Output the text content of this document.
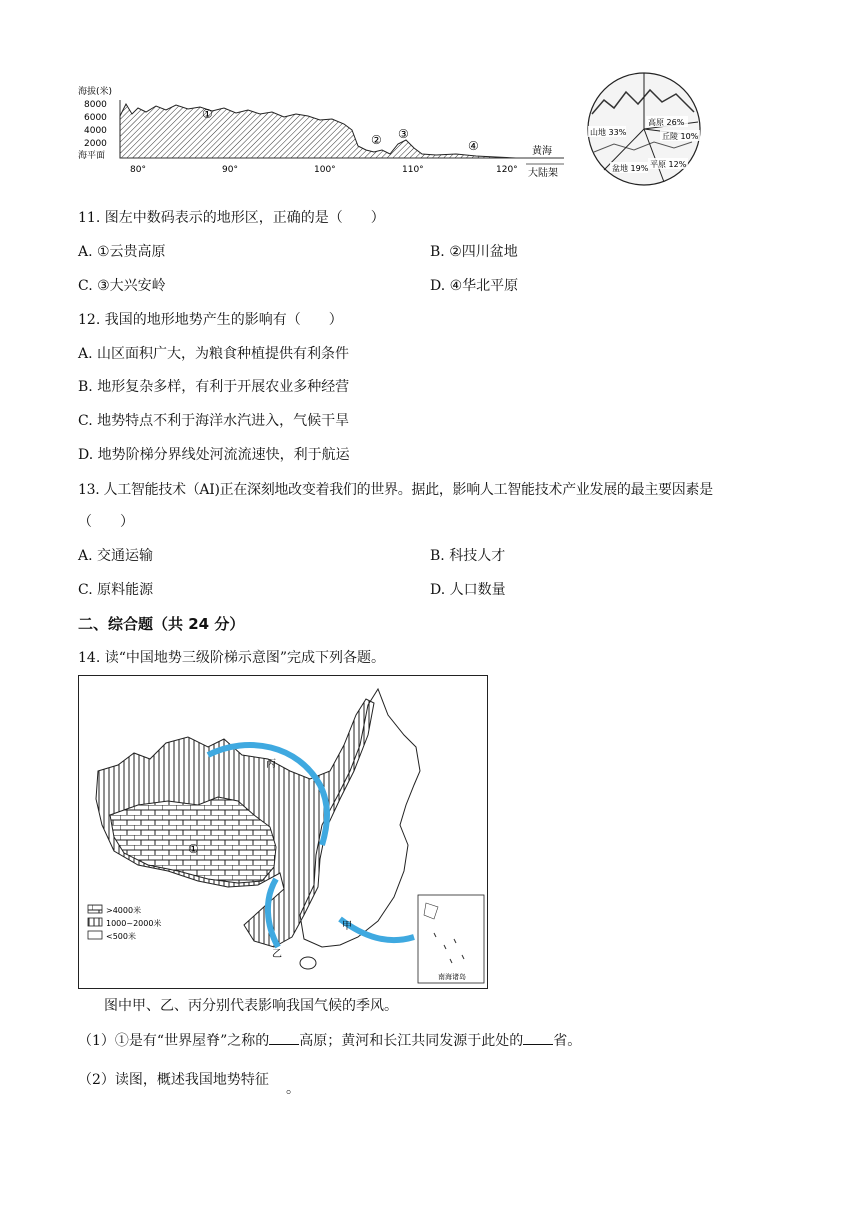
海拔(米)
8000
6000
4000
2000
海平面
①
② ③
④
80°	90°	100°	110°	120°
黄海
大陆架
山地 33%
高原 26%
丘陵 10%
平原 12%
盆地 19%
11. 图左中数码表示的地形区，正确的是（　　）
A. ①云贵高原	B. ②四川盆地
C. ③大兴安岭	D. ④华北平原
12. 我国的地形地势产生的影响有（　　）
A. 山区面积广大，为粮食种植提供有利条件
B. 地形复杂多样，有利于开展农业多种经营
C. 地势特点不利于海洋水汽进入，气候干旱
D. 地势阶梯分界线处河流流速快，利于航运
13. 人工智能技术（AI)正在深刻地改变着我们的世界。据此，影响人工智能技术产业发展的最主要因素是
（　　）
A. 交通运输	B. 科技人才
C. 原料能源	D. 人口数量
二、综合题（共 24 分）
14. 读“中国地势三级阶梯示意图”完成下列各题。
①
丙
乙
甲
>4000米
1000~2000米
<500米
南海诸岛
图中甲、乙、丙分别代表影响我国气候的季风。
（1）①是有“世界屋脊”之称的 高原；黄河和长江共同发源于此处的 省。
（2）读图，概述我国地势特征
。
